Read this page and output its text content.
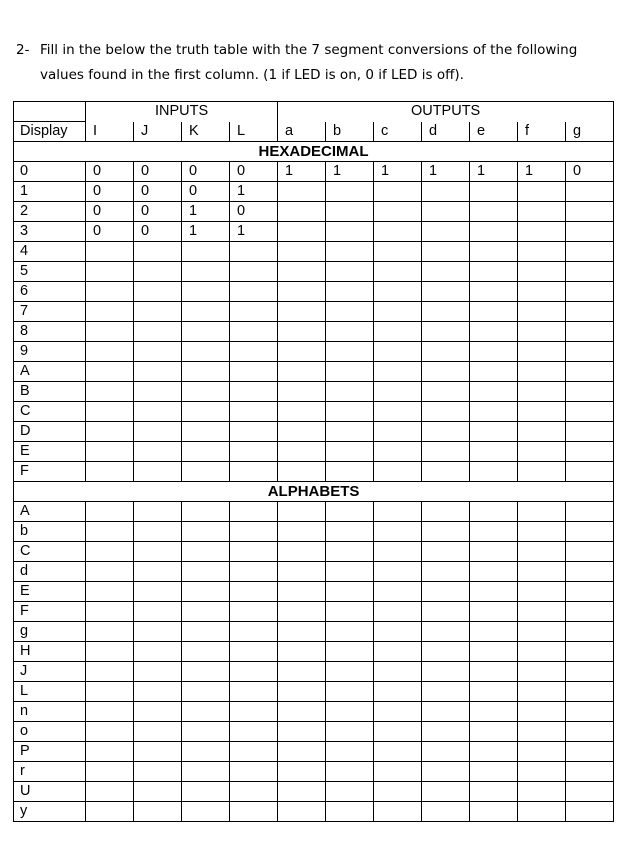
2- Fill in the below the truth table with the 7 segment conversions of the following
values found in the first column. (1 if LED is on, 0 if LED is off).
	INPUTS				OUTPUTS						
Display	I	J	K	L	a	b	c	d	e	f	g
HEXADECIMAL											
0	0	0	0	0	1	1	1	1	1	1	0
1	0	0	0	1							
2	0	0	1	0							
3	0	0	1	1							
4											
5											
6											
7											
8											
9											
A											
B											
C											
D											
E											
F											
ALPHABETS											
A											
b											
C											
d											
E											
F											
g											
H											
J											
L											
n											
o											
P											
r											
U											
y											
